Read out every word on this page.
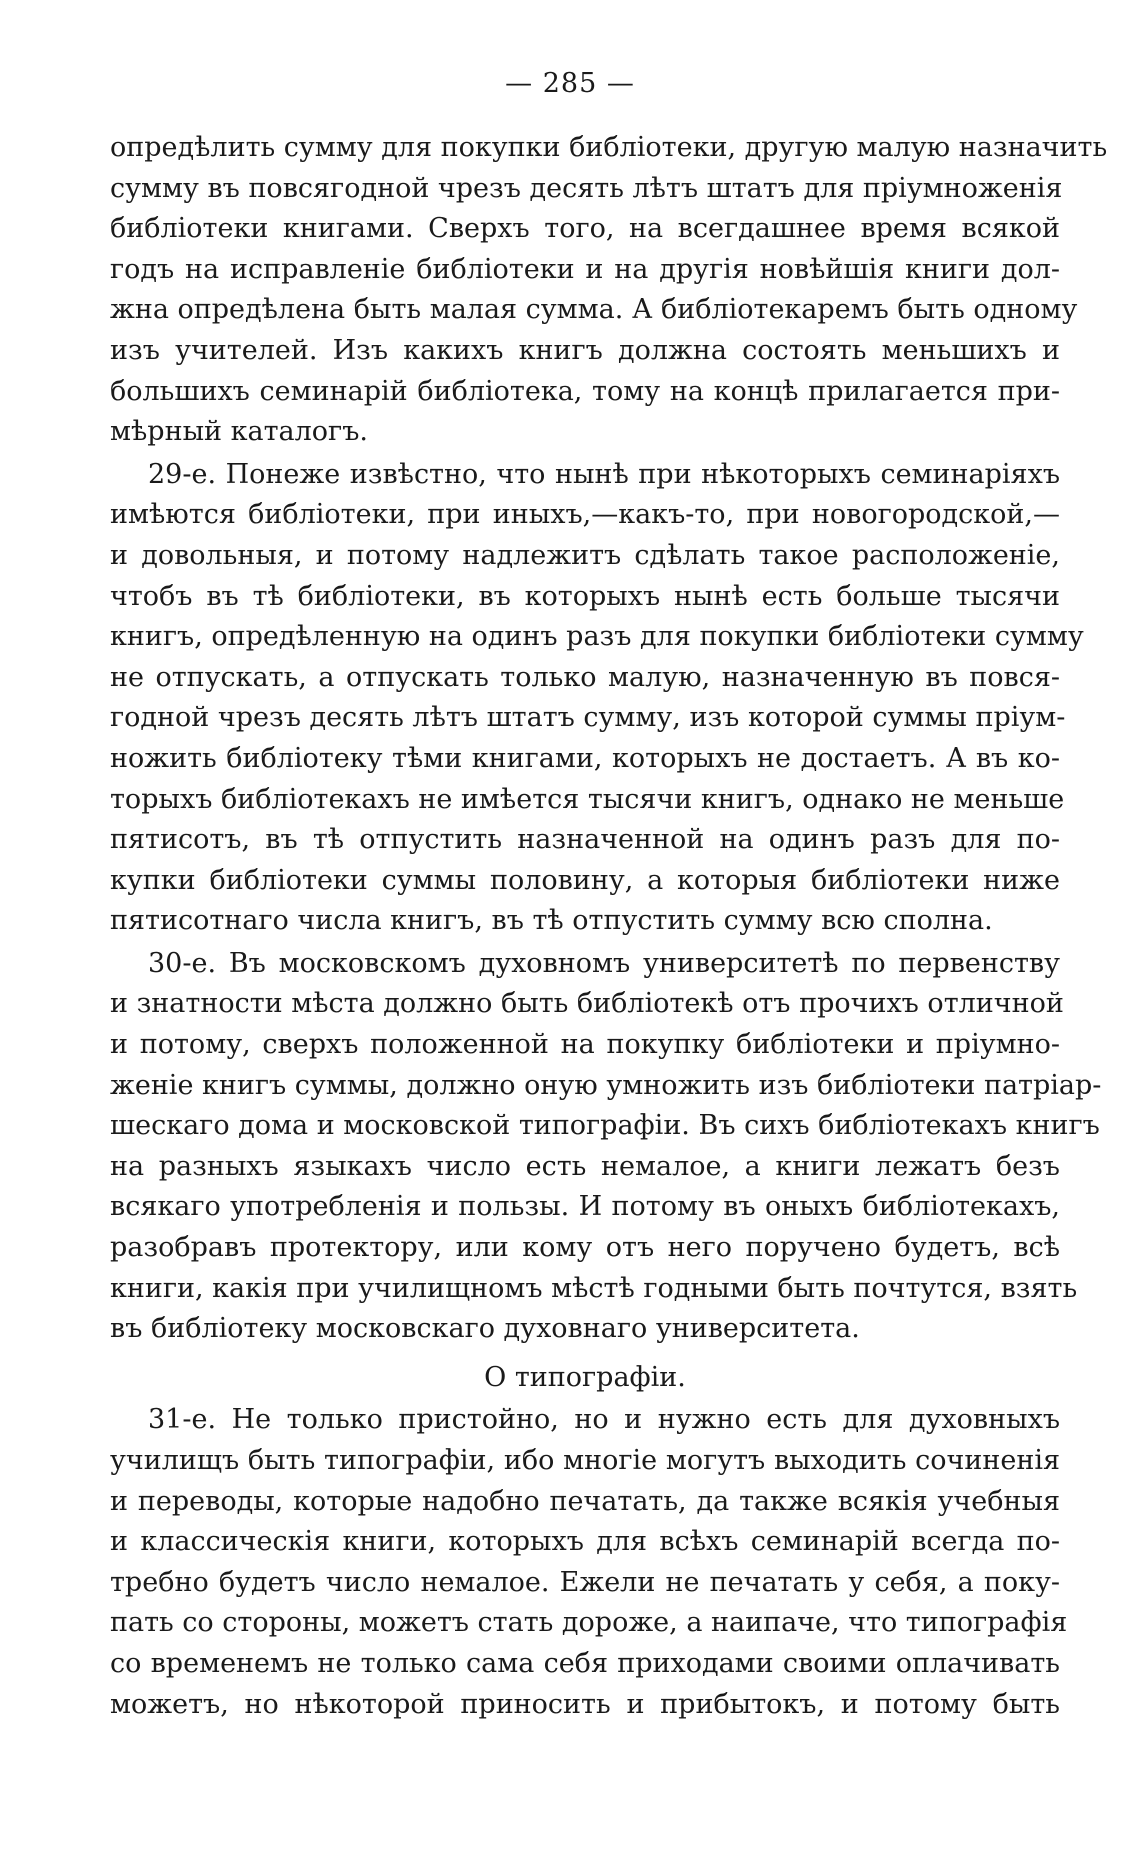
— 285 —
опредѣлить сумму для покупки библіотеки, другую малую назначить
сумму въ повсягодной чрезъ десять лѣтъ штатъ для пріумноженія
библіотеки книгами. Сверхъ того, на всегдашнее время всякой
годъ на исправленіе библіотеки и на другія новѣйшія книги дол-
жна опредѣлена быть малая сумма. А библіотекаремъ быть одному
изъ учителей. Изъ какихъ книгъ должна состоять меньшихъ и
большихъ семинарій библіотека, тому на концѣ прилагается при-
мѣрный каталогъ.
29-е. Понеже извѣстно, что нынѣ при нѣкоторыхъ семинаріяхъ
имѣются библіотеки, при иныхъ,—какъ-то, при новогородской,—
и довольныя, и потому надлежитъ сдѣлать такое расположеніе,
чтобъ въ тѣ библіотеки, въ которыхъ нынѣ есть больше тысячи
книгъ, опредѣленную на одинъ разъ для покупки библіотеки сумму
не отпускать, а отпускать только малую, назначенную въ повся-
годной чрезъ десять лѣтъ штатъ сумму, изъ которой суммы пріум-
ножить библіотеку тѣми книгами, которыхъ не достаетъ. А въ ко-
торыхъ библіотекахъ не имѣется тысячи книгъ, однако не меньше
пятисотъ, въ тѣ отпустить назначенной на одинъ разъ для по-
купки библіотеки суммы половину, а которыя библіотеки ниже
пятисотнаго числа книгъ, въ тѣ отпустить сумму всю сполна.
30-е. Въ московскомъ духовномъ университетѣ по первенству
и знатности мѣста должно быть библіотекѣ отъ прочихъ отличной
и потому, сверхъ положенной на покупку библіотеки и пріумно-
женіе книгъ суммы, должно оную умножить изъ библіотеки патріар-
шескаго дома и московской типографіи. Въ сихъ библіотекахъ книгъ
на разныхъ языкахъ число есть немалое, а книги лежатъ безъ
всякаго употребленія и пользы. И потому въ оныхъ библіотекахъ,
разобравъ протектору, или кому отъ него поручено будетъ, всѣ
книги, какія при училищномъ мѣстѣ годными быть почтутся, взять
въ библіотеку московскаго духовнаго университета.
О типографіи.
31-е. Не только пристойно, но и нужно есть для духовныхъ
училищъ быть типографіи, ибо многіе могутъ выходить сочиненія
и переводы, которые надобно печатать, да также всякія учебныя
и классическія книги, которыхъ для всѣхъ семинарій всегда по-
требно будетъ число немалое. Ежели не печатать у себя, а поку-
пать со стороны, можетъ стать дороже, а наипаче, что типографія
со временемъ не только сама себя приходами своими оплачивать
можетъ, но нѣкоторой приносить и прибытокъ, и потому быть
